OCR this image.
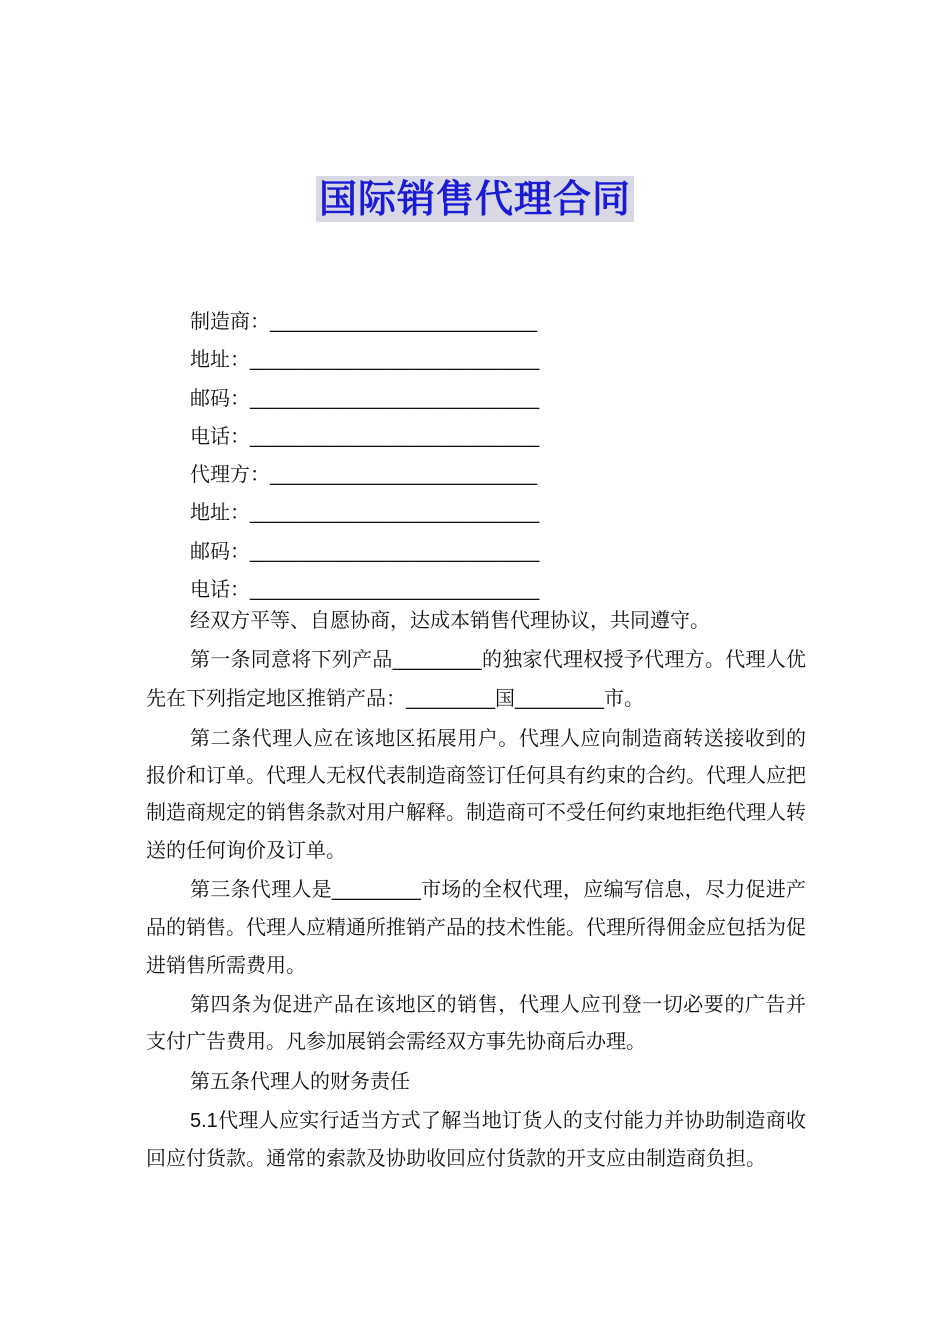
国际销售代理合同
制造商：________________________
地址：__________________________
邮码：__________________________
电话：__________________________
代理方：________________________
地址：__________________________
邮码：__________________________
电话：__________________________

经双方平等、自愿协商，达成本销售代理协议，共同遵守。

第一条同意将下列产品________的独家代理权授予代理方。代理人优先在下列指定地区推销产品：________国________市。

第二条代理人应在该地区拓展用户。代理人应向制造商转送接收到的报价和订单。代理人无权代表制造商签订任何具有约束的合约。代理人应把制造商规定的销售条款对用户解释。制造商可不受任何约束地拒绝代理人转送的任何询价及订单。

第三条代理人是________市场的全权代理，应编写信息，尽力促进产品的销售。代理人应精通所推销产品的技术性能。代理所得佣金应包括为促进销售所需费用。

第四条为促进产品在该地区的销售，代理人应刊登一切必要的广告并支付广告费用。凡参加展销会需经双方事先协商后办理。

第五条代理人的财务责任

5.1代理人应实行适当方式了解当地订货人的支付能力并协助制造商收回应付货款。通常的索款及协助收回应付货款的开支应由制造商负担。
